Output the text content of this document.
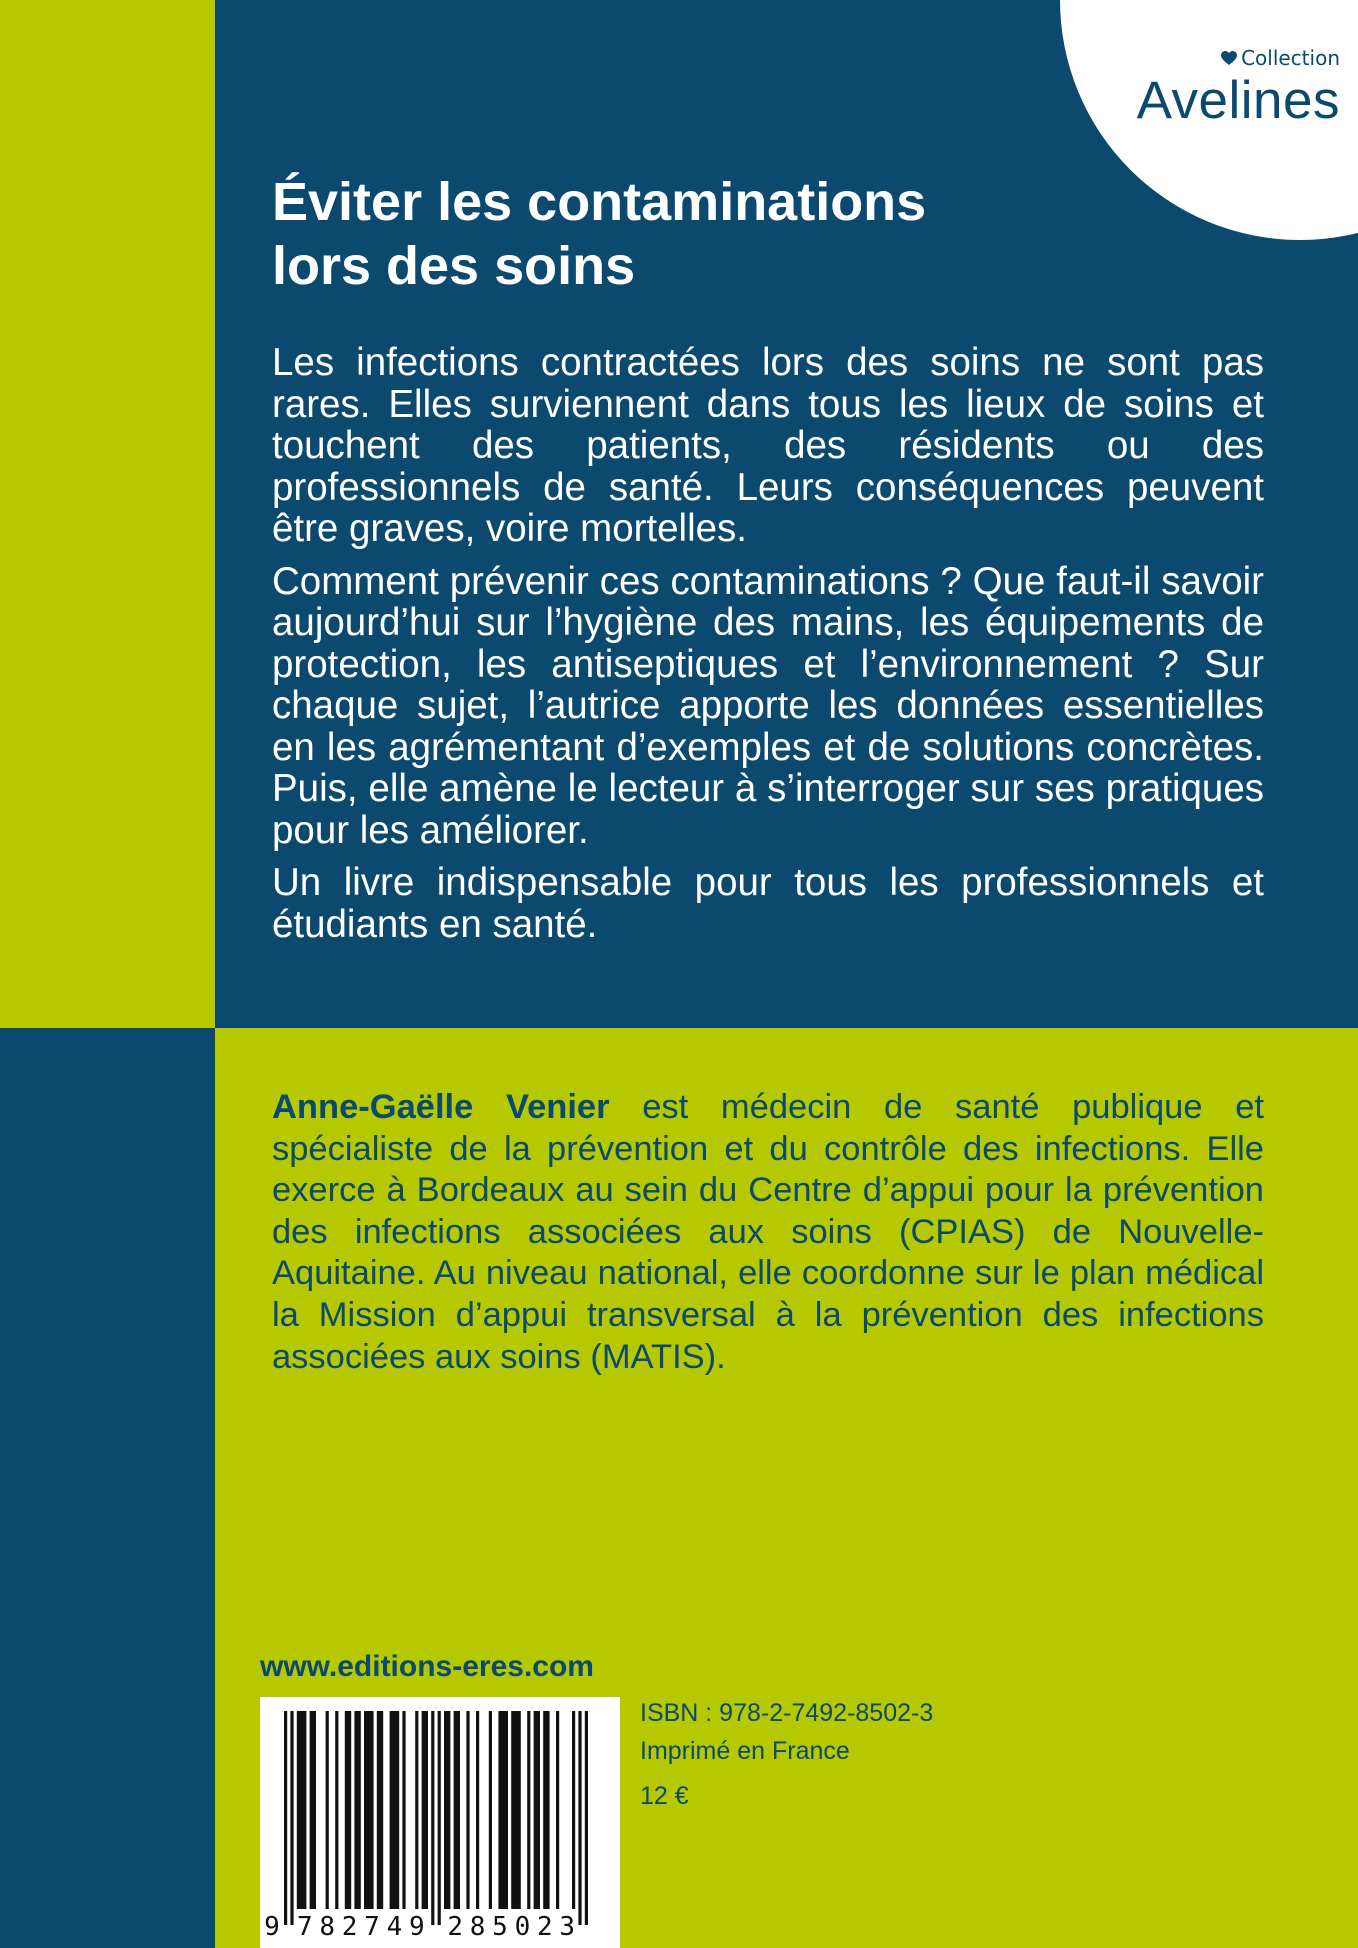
Collection
Avelines
Éviter les contaminations
lors des soins

Les infections contractées lors des soins ne sont pas rares. Elles surviennent dans tous les lieux de soins et touchent des patients, des résidents ou des professionnels de santé. Leurs conséquences peuvent être graves, voire mortelles.

Comment prévenir ces contaminations ? Que faut-il savoir aujourd’hui sur l’hygiène des mains, les équipements de protection, les antiseptiques et l’environnement ? Sur chaque sujet, l’autrice apporte les données essentielles en les agrémentant d’exemples et de solutions concrètes. Puis, elle amène le lecteur à s’interroger sur ses pratiques pour les améliorer.

Un livre indispensable pour tous les professionnels et étudiants en santé.

Anne-Gaëlle Venier est médecin de santé publique et spécialiste de la prévention et du contrôle des infections. Elle exerce à Bordeaux au sein du Centre d’appui pour la prévention des infections associées aux soins (CPIAS) de Nouvelle-Aquitaine. Au niveau national, elle coordonne sur le plan médical la Mission d’appui transversal à la prévention des infections associées aux soins (MATIS).

www.editions-eres.com
9 7 8 2 7 4 9 2 8 5 0 2 3
ISBN : 978-2-7492-8502-3
Imprimé en France
12 €
